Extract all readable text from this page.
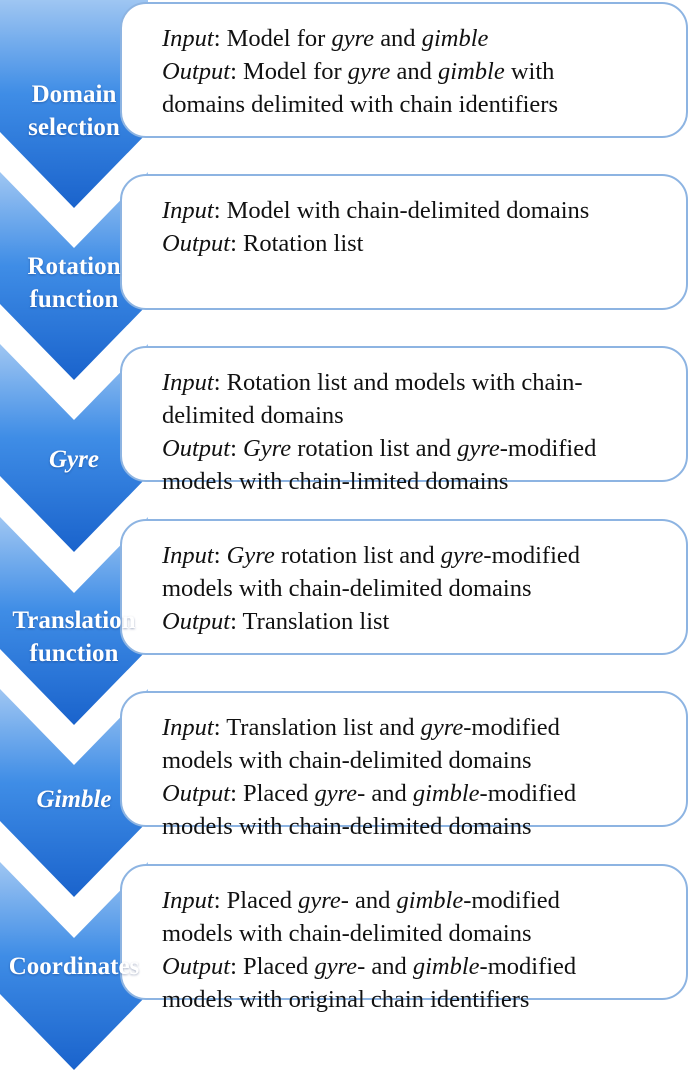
Input: Model for gyre and gimble
Output: Model for gyre and gimble with
domains delimited with chain identifiers
Input: Model with chain-delimited domains
Output: Rotation list
Input: Rotation list and models with chain-
delimited domains
Output: Gyre rotation list and gyre-modified
models with chain-limited domains
Input: Gyre rotation list and gyre-modified
models with chain-delimited domains
Output: Translation list
Input: Translation list and gyre-modified
models with chain-delimited domains
Output: Placed gyre- and gimble-modified
models with chain-delimited domains
Input: Placed gyre- and gimble-modified
models with chain-delimited domains
Output: Placed gyre- and gimble-modified
models with original chain identifiers
Domain
selection
Rotation
function
Gyre
Translation
function
Gimble
Coordinates
